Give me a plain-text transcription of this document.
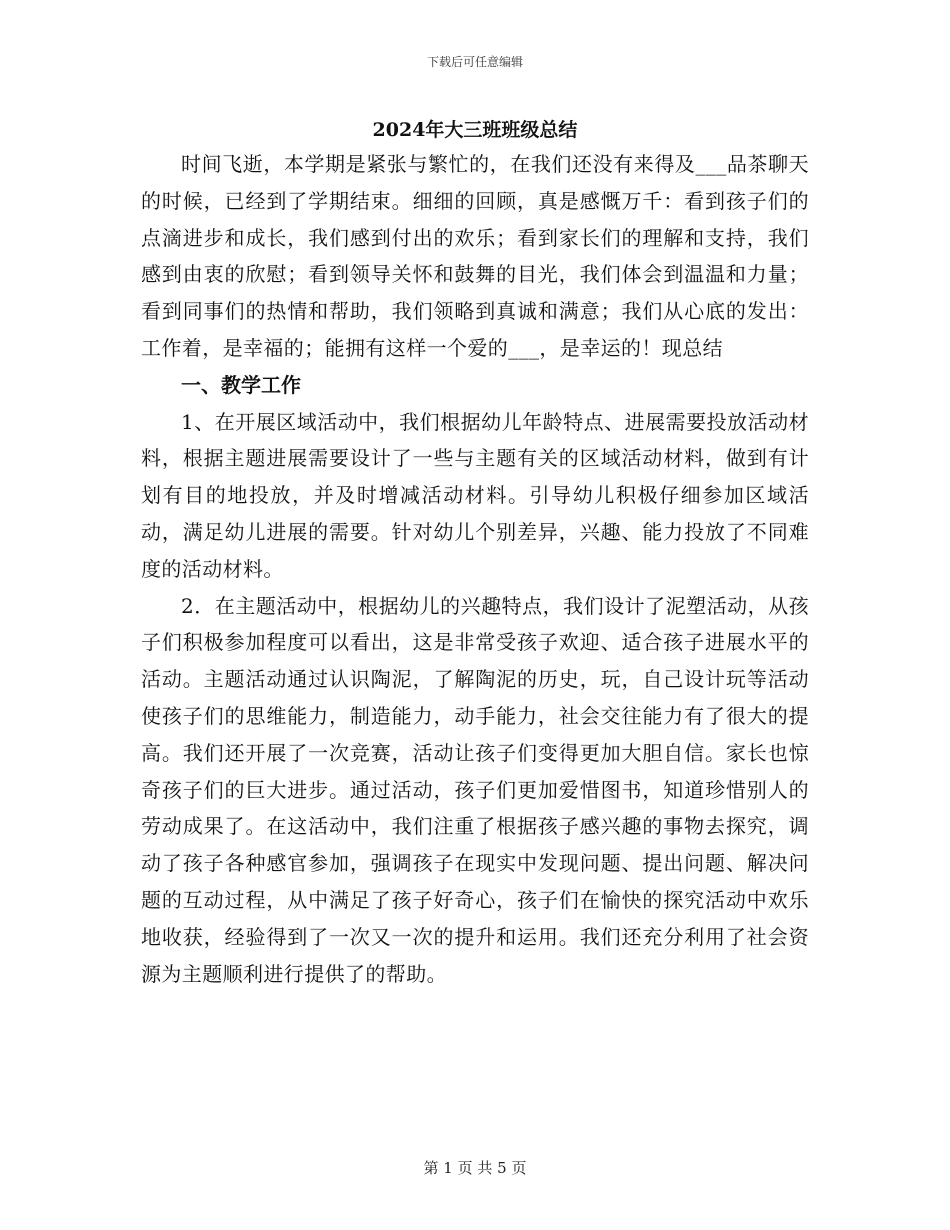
下载后可任意编辑
2024年大三班班级总结

时间飞逝，本学期是紧张与繁忙的，在我们还没有来得及___品茶聊天的时候，已经到了学期结束。细细的回顾，真是感慨万千：看到孩子们的点滴进步和成长，我们感到付出的欢乐；看到家长们的理解和支持，我们感到由衷的欣慰；看到领导关怀和鼓舞的目光，我们体会到温温和力量；看到同事们的热情和帮助，我们领略到真诚和满意；我们从心底的发出：工作着，是幸福的；能拥有这样一个爱的___，是幸运的！现总结

一、教学工作

1、在开展区域活动中，我们根据幼儿年龄特点、进展需要投放活动材料，根据主题进展需要设计了一些与主题有关的区域活动材料，做到有计划有目的地投放，并及时增减活动材料。引导幼儿积极仔细参加区域活动，满足幼儿进展的需要。针对幼儿个别差异，兴趣、能力投放了不同难度的活动材料。

2．在主题活动中，根据幼儿的兴趣特点，我们设计了泥塑活动，从孩子们积极参加程度可以看出，这是非常受孩子欢迎、适合孩子进展水平的活动。主题活动通过认识陶泥，了解陶泥的历史，玩，自己设计玩等活动使孩子们的思维能力，制造能力，动手能力，社会交往能力有了很大的提高。我们还开展了一次竞赛，活动让孩子们变得更加大胆自信。家长也惊奇孩子们的巨大进步。通过活动，孩子们更加爱惜图书，知道珍惜别人的劳动成果了。在这活动中，我们注重了根据孩子感兴趣的事物去探究，调动了孩子各种感官参加，强调孩子在现实中发现问题、提出问题、解决问题的互动过程，从中满足了孩子好奇心，孩子们在愉快的探究活动中欢乐地收获，经验得到了一次又一次的提升和运用。我们还充分利用了社会资源为主题顺利进行提供了的帮助。

第 1 页 共 5 页
